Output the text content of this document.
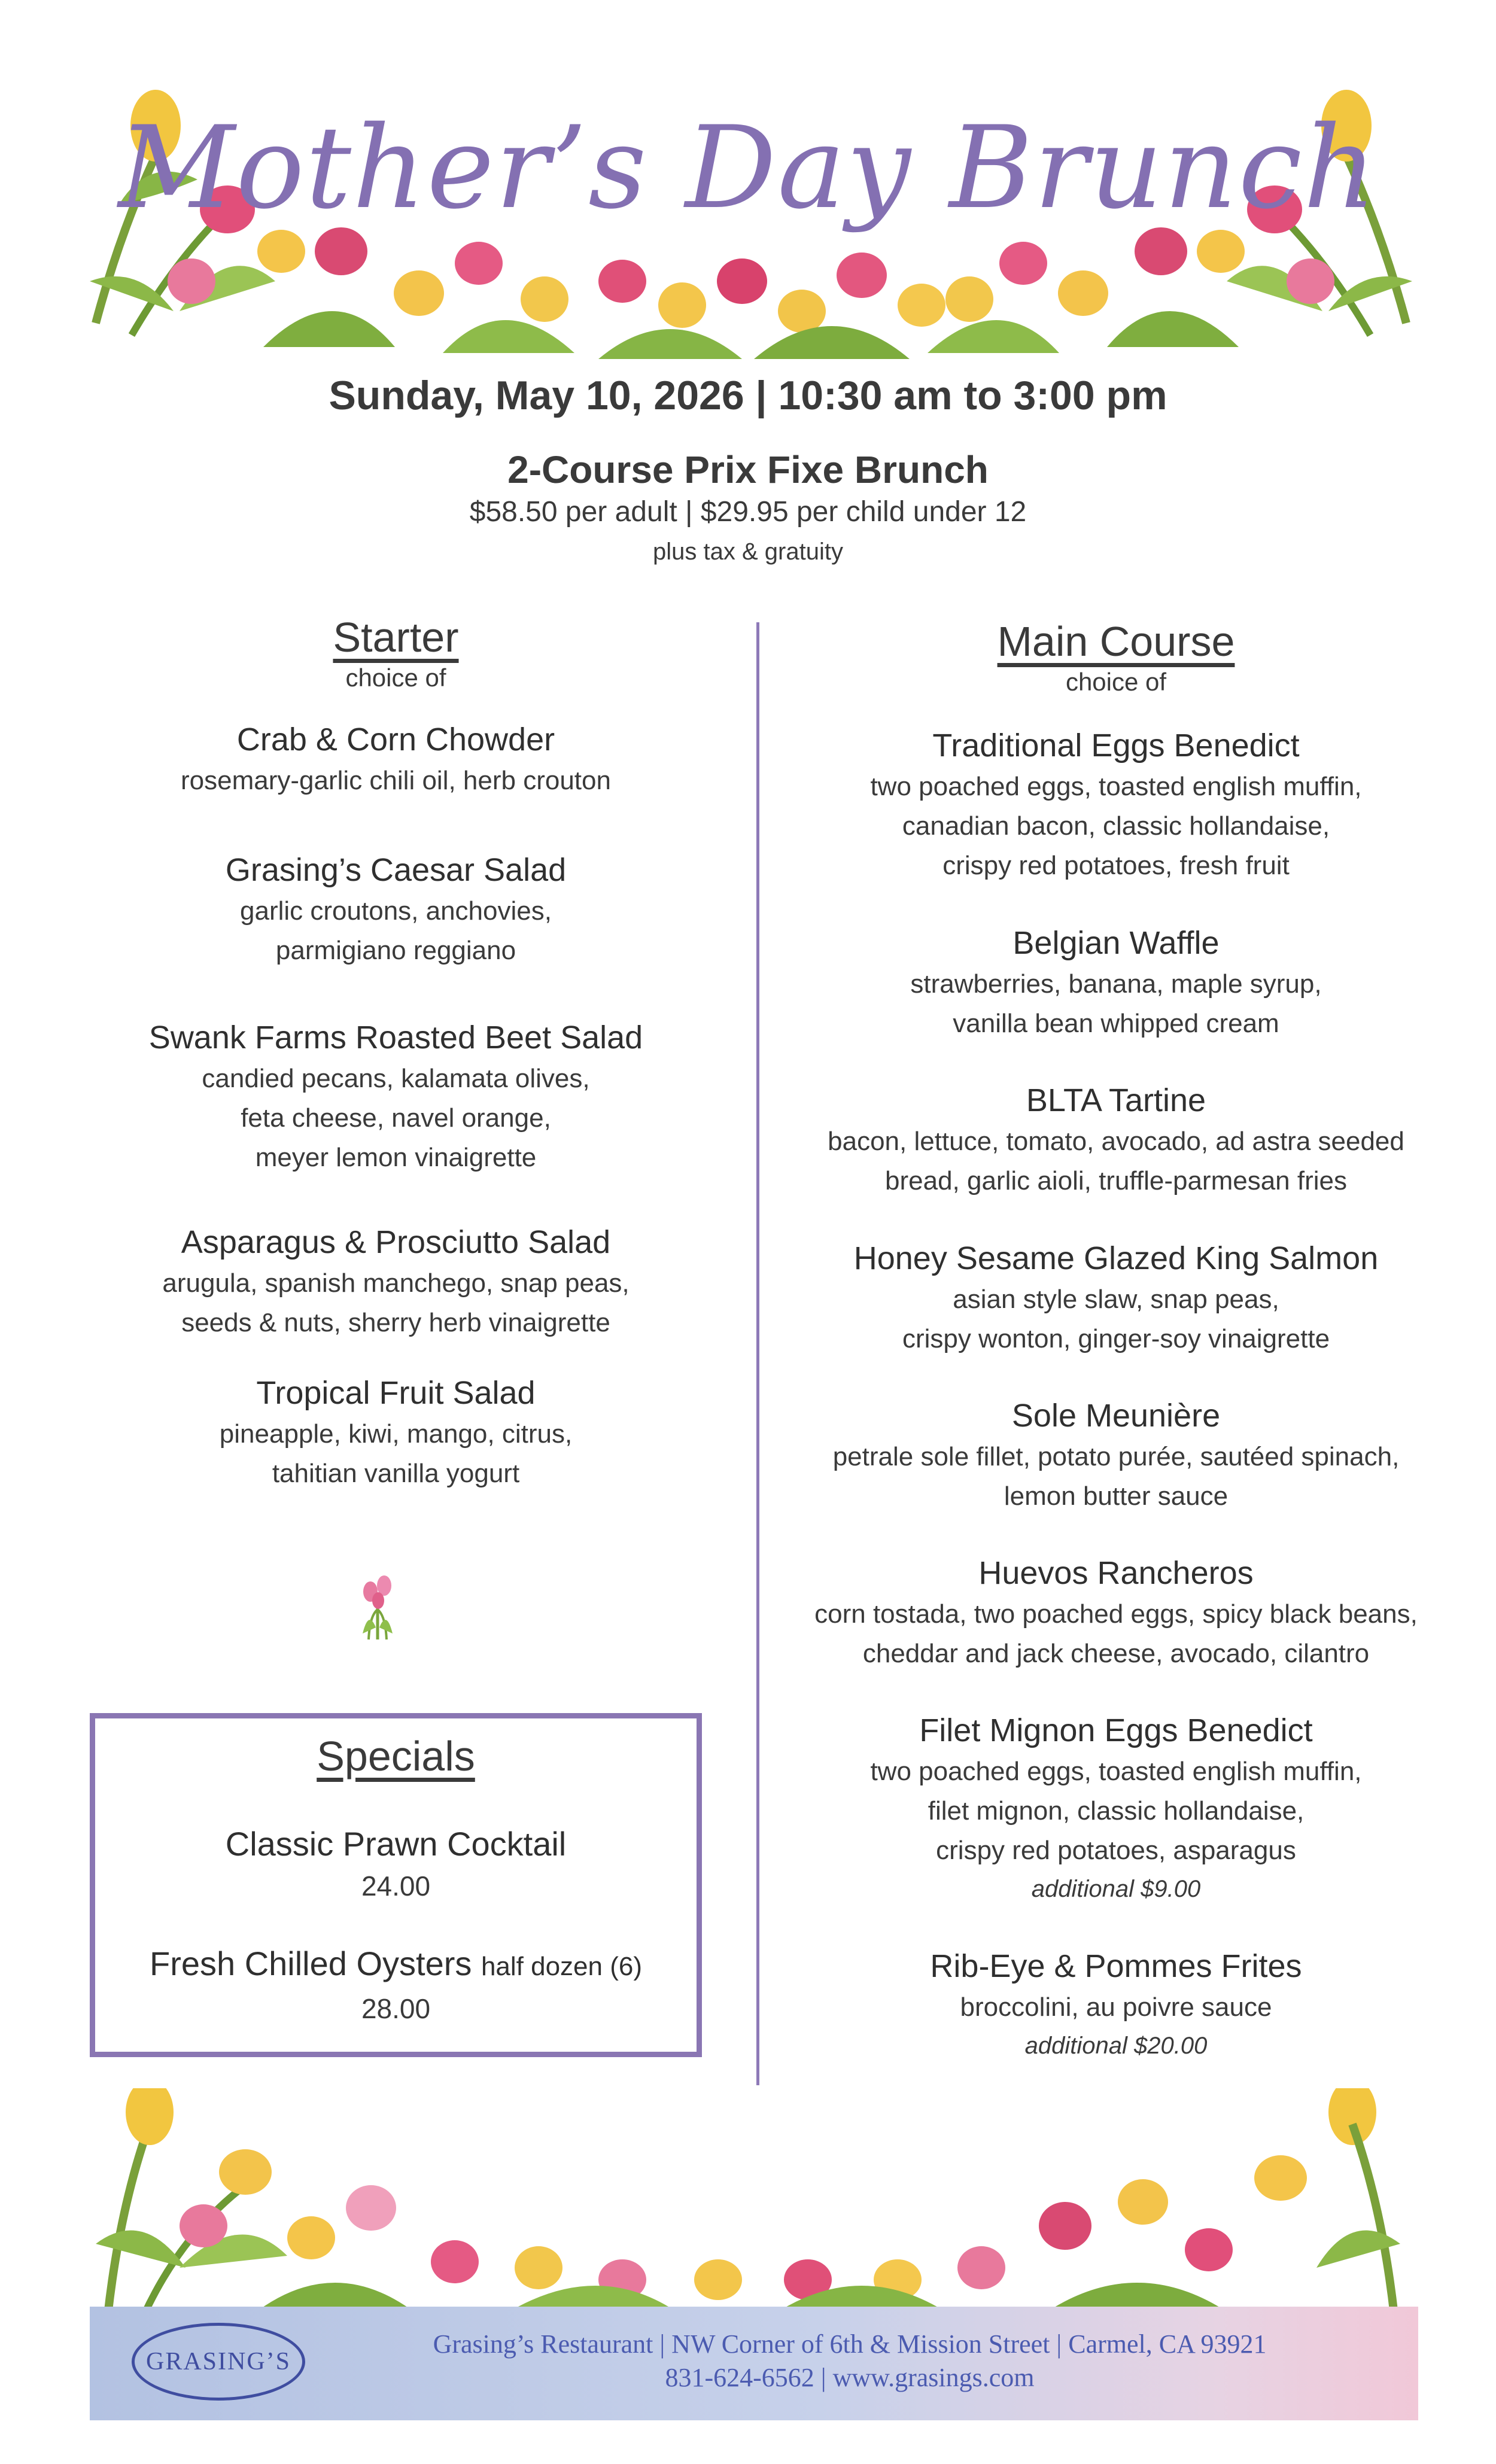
Mother’s Day Brunch
Sunday, May 10, 2026 | 10:30 am to 3:00 pm
2-Course Prix Fixe Brunch
$58.50 per adult | $29.95 per child under 12
plus tax & gratuity
Starter
choice of
Crab & Corn Chowder
rosemary-garlic chili oil, herb crouton
Grasing’s Caesar Salad
garlic croutons, anchovies,
parmigiano reggiano
Swank Farms Roasted Beet Salad
candied pecans, kalamata olives,
feta cheese, navel orange,
meyer lemon vinaigrette
Asparagus & Prosciutto Salad
arugula, spanish manchego, snap peas,
seeds & nuts, sherry herb vinaigrette
Tropical Fruit Salad
pineapple, kiwi, mango, citrus,
tahitian vanilla yogurt
Specials
Classic Prawn Cocktail
24.00
Fresh Chilled Oysters half dozen (6)
28.00
Main Course
choice of
Traditional Eggs Benedict
two poached eggs, toasted english muffin,
canadian bacon, classic hollandaise,
crispy red potatoes, fresh fruit
Belgian Waffle
strawberries, banana, maple syrup,
vanilla bean whipped cream
BLTA Tartine
bacon, lettuce, tomato, avocado, ad astra seeded
bread, garlic aioli, truffle-parmesan fries
Honey Sesame Glazed King Salmon
asian style slaw, snap peas,
crispy wonton, ginger-soy vinaigrette
Sole Meunière
petrale sole fillet, potato purée, sautéed spinach,
lemon butter sauce
Huevos Rancheros
corn tostada, two poached eggs, spicy black beans,
cheddar and jack cheese, avocado, cilantro
Filet Mignon Eggs Benedict
two poached eggs, toasted english muffin,
filet mignon, classic hollandaise,
crispy red potatoes, asparagus
additional $9.00
Rib-Eye & Pommes Frites
broccolini, au poivre sauce
additional $20.00
GRASING’S
Grasing’s Restaurant | NW Corner of 6th & Mission Street | Carmel, CA 93921
831-624-6562 | www.grasings.com
